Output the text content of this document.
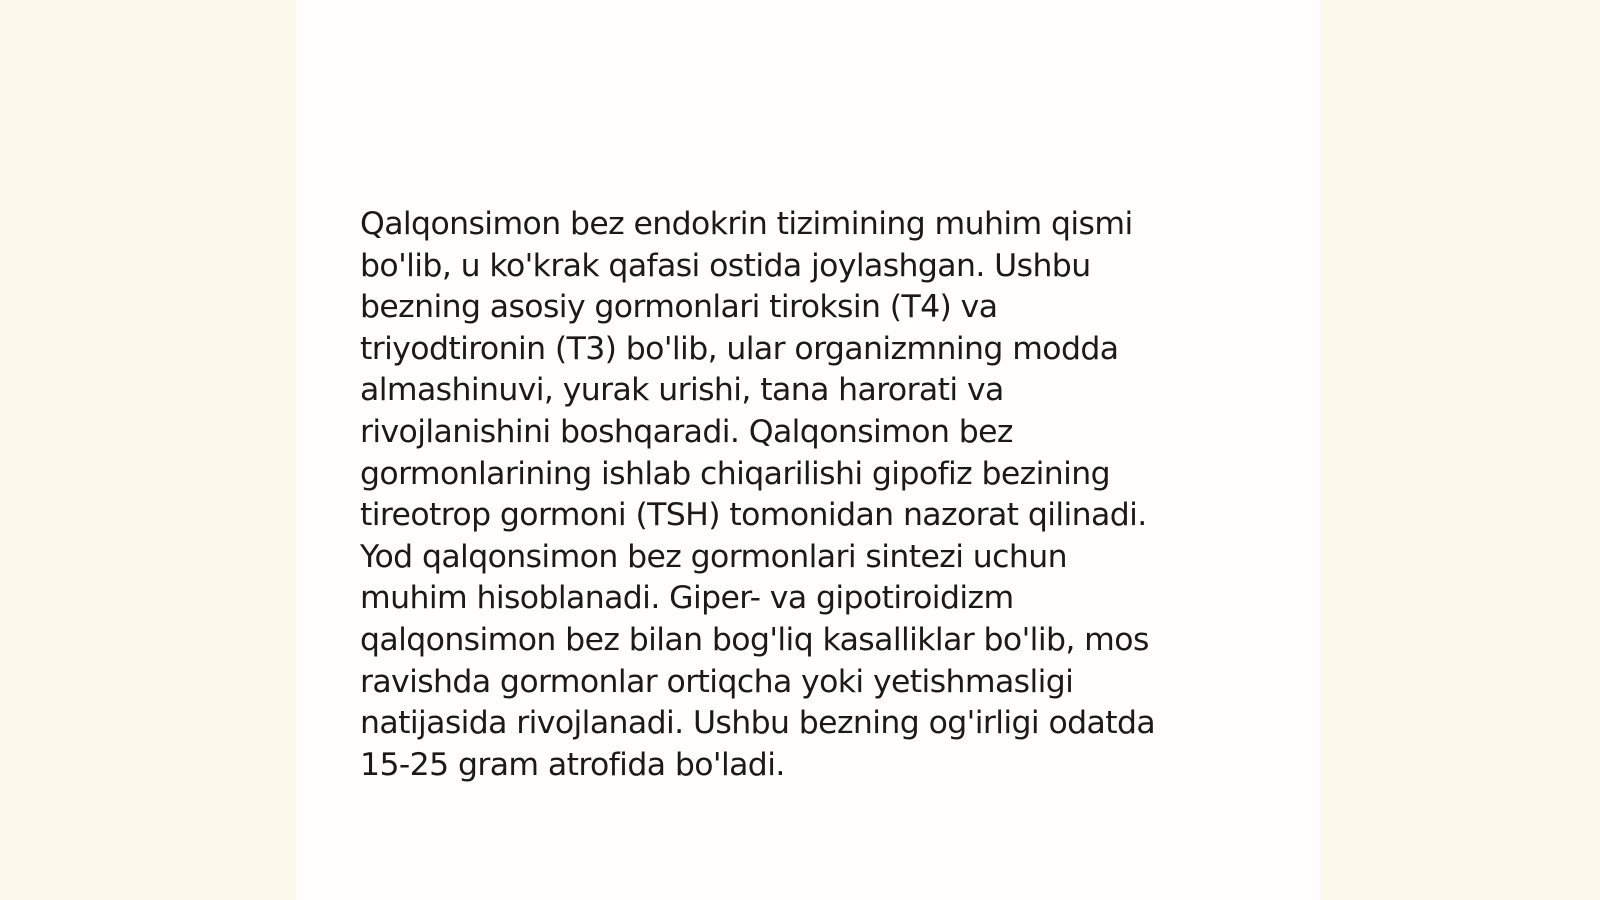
Qalqonsimon bez endokrin tizimining muhim qismi
bo'lib, u ko'krak qafasi ostida joylashgan. Ushbu
bezning asosiy gormonlari tiroksin (T4) va
triyodtironin (T3) bo'lib, ular organizmning modda
almashinuvi, yurak urishi, tana harorati va
rivojlanishini boshqaradi. Qalqonsimon bez
gormonlarining ishlab chiqarilishi gipofiz bezining
tireotrop gormoni (TSH) tomonidan nazorat qilinadi.
Yod qalqonsimon bez gormonlari sintezi uchun
muhim hisoblanadi. Giper- va gipotiroidizm
qalqonsimon bez bilan bog'liq kasalliklar bo'lib, mos
ravishda gormonlar ortiqcha yoki yetishmasligi
natijasida rivojlanadi. Ushbu bezning og'irligi odatda
15-25 gram atrofida bo'ladi.
